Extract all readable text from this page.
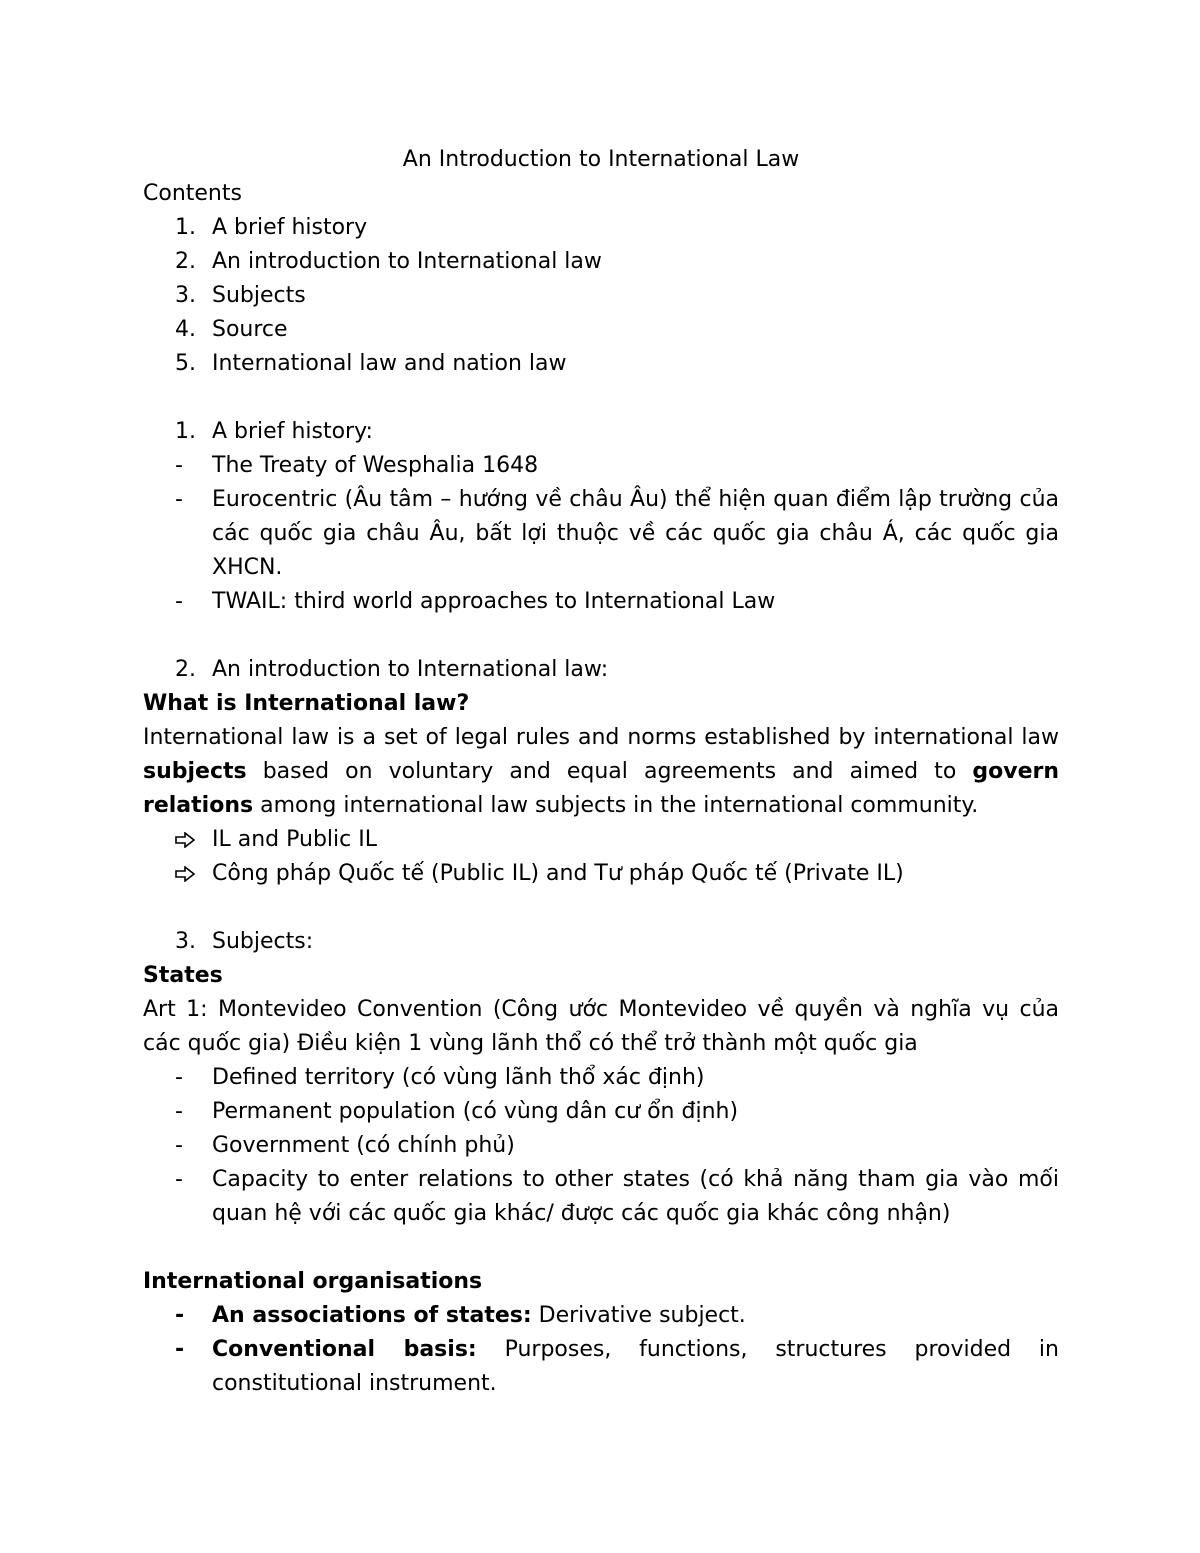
An Introduction to International Law

Contents

1. A brief history
2. An introduction to International law
3. Subjects
4. Source
5. International law and nation law
1. A brief history:
- The Treaty of Wesphalia 1648
- Eurocentric (Âu tâm – hướng về châu Âu) thể hiện quan điểm lập trường của các quốc gia châu Âu, bất lợi thuộc về các quốc gia châu Á, các quốc gia XHCN.
- TWAIL: third world approaches to International Law
2. An introduction to International law:

What is International law?

International law is a set of legal rules and norms established by international law subjects based on voluntary and equal agreements and aimed to govern relations among international law subjects in the international community.

IL and Public IL
Công pháp Quốc tế (Public IL) and Tư pháp Quốc tế (Private IL)
3. Subjects:

States

Art 1: Montevideo Convention (Công ước Montevideo về quyền và nghĩa vụ của các quốc gia) Điều kiện 1 vùng lãnh thổ có thể trở thành một quốc gia

- Defined territory (có vùng lãnh thổ xác định)
- Permanent population (có vùng dân cư ổn định)
- Government (có chính phủ)
- Capacity to enter relations to other states (có khả năng tham gia vào mối quan hệ với các quốc gia khác/ được các quốc gia khác công nhận)

International organisations

- An associations of states: Derivative subject.
- Conventional basis: Purposes, functions, structures provided in constitutional instrument.
